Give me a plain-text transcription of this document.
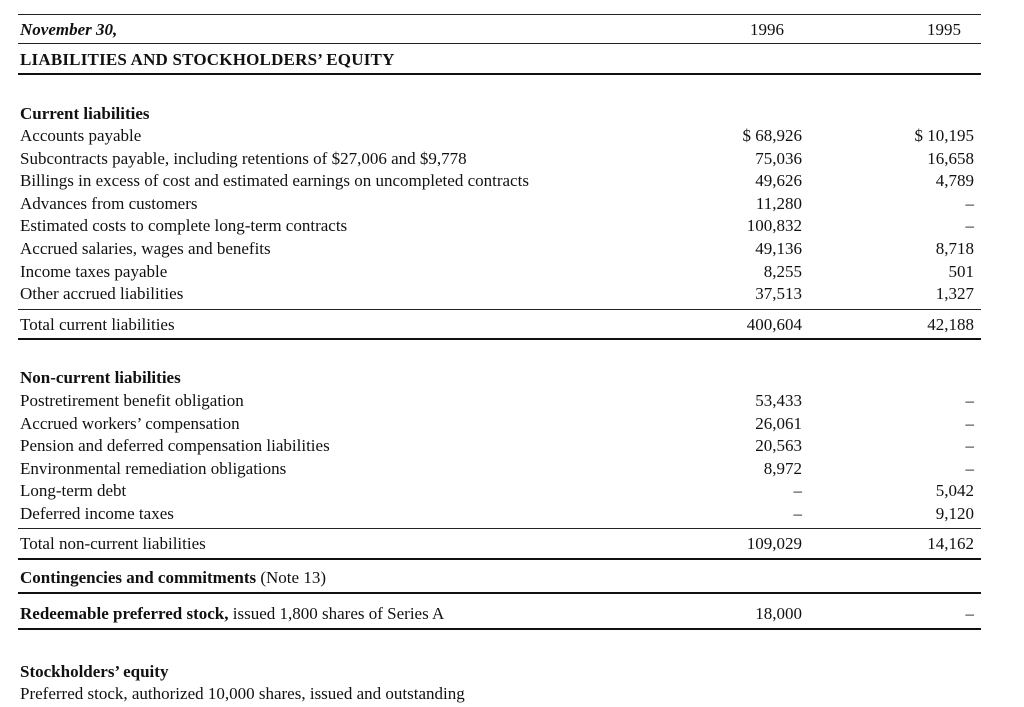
November 30,	1996	1995
LIABILITIES AND STOCKHOLDERS’ EQUITY
Current liabilities
Accounts payable	$ 68,926	$ 10,195
Subcontracts payable, including retentions of $27,006 and $9,778	75,036	16,658
Billings in excess of cost and estimated earnings on uncompleted contracts	49,626	4,789
Advances from customers	11,280	–
Estimated costs to complete long-term contracts	100,832	–
Accrued salaries, wages and benefits	49,136	8,718
Income taxes payable	8,255	501
Other accrued liabilities	37,513	1,327
Total current liabilities	400,604	42,188
Non-current liabilities
Postretirement benefit obligation	53,433	–
Accrued workers’ compensation	26,061	–
Pension and deferred compensation liabilities	20,563	–
Environmental remediation obligations	8,972	–
Long-term debt	–	5,042
Deferred income taxes	–	9,120
Total non-current liabilities	109,029	14,162
Contingencies and commitments (Note 13)
Redeemable preferred stock, issued 1,800 shares of Series A	18,000	–
Stockholders’ equity
Preferred stock, authorized 10,000 shares, issued and outstanding
